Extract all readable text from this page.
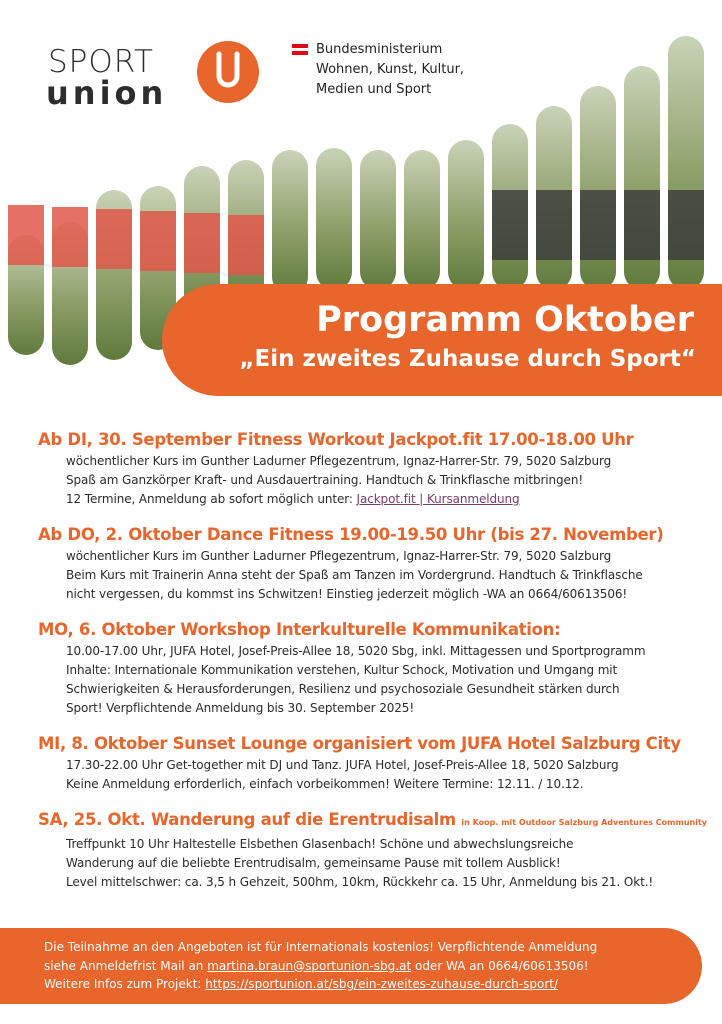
SPORT
union
Bundesministerium
Wohnen, Kunst, Kultur,
Medien und Sport
Programm Oktober
„Ein zweites Zuhause durch Sport“
Ab DI, 30. September Fitness Workout Jackpot.fit 17.00-18.00 Uhr
wöchentlicher Kurs im Gunther Ladurner Pflegezentrum, Ignaz-Harrer-Str. 79, 5020 Salzburg
Spaß am Ganzkörper Kraft- und Ausdauertraining. Handtuch & Trinkflasche mitbringen!
12 Termine, Anmeldung ab sofort möglich unter: Jackpot.fit | Kursanmeldung
Ab DO, 2. Oktober Dance Fitness 19.00-19.50 Uhr (bis 27. November)
wöchentlicher Kurs im Gunther Ladurner Pflegezentrum, Ignaz-Harrer-Str. 79, 5020 Salzburg
Beim Kurs mit Trainerin Anna steht der Spaß am Tanzen im Vordergrund. Handtuch & Trinkflasche
nicht vergessen, du kommst ins Schwitzen! Einstieg jederzeit möglich -WA an 0664/60613506!
MO, 6. Oktober Workshop Interkulturelle Kommunikation:
10.00-17.00 Uhr, JUFA Hotel, Josef-Preis-Allee 18, 5020 Sbg, inkl. Mittagessen und Sportprogramm
Inhalte: Internationale Kommunikation verstehen, Kultur Schock, Motivation und Umgang mit
Schwierigkeiten & Herausforderungen, Resilienz und psychosoziale Gesundheit stärken durch
Sport! Verpflichtende Anmeldung bis 30. September 2025!
MI, 8. Oktober Sunset Lounge organisiert vom JUFA Hotel Salzburg City
17.30-22.00 Uhr Get-together mit DJ und Tanz. JUFA Hotel, Josef-Preis-Allee 18, 5020 Salzburg
Keine Anmeldung erforderlich, einfach vorbeikommen! Weitere Termine: 12.11. / 10.12.
SA, 25. Okt. Wanderung auf die Erentrudisalm in Koop. mit Outdoor Salzburg Adventures Community
Treffpunkt 10 Uhr Haltestelle Elsbethen Glasenbach! Schöne und abwechslungsreiche
Wanderung auf die beliebte Erentrudisalm, gemeinsame Pause mit tollem Ausblick!
Level mittelschwer: ca. 3,5 h Gehzeit, 500hm, 10km, Rückkehr ca. 15 Uhr, Anmeldung bis 21. Okt.!
Die Teilnahme an den Angeboten ist für Internationals kostenlos! Verpflichtende Anmeldung
siehe Anmeldefrist Mail an martina.braun@sportunion-sbg.at oder WA an 0664/60613506!
Weitere Infos zum Projekt: https://sportunion.at/sbg/ein-zweites-zuhause-durch-sport/
